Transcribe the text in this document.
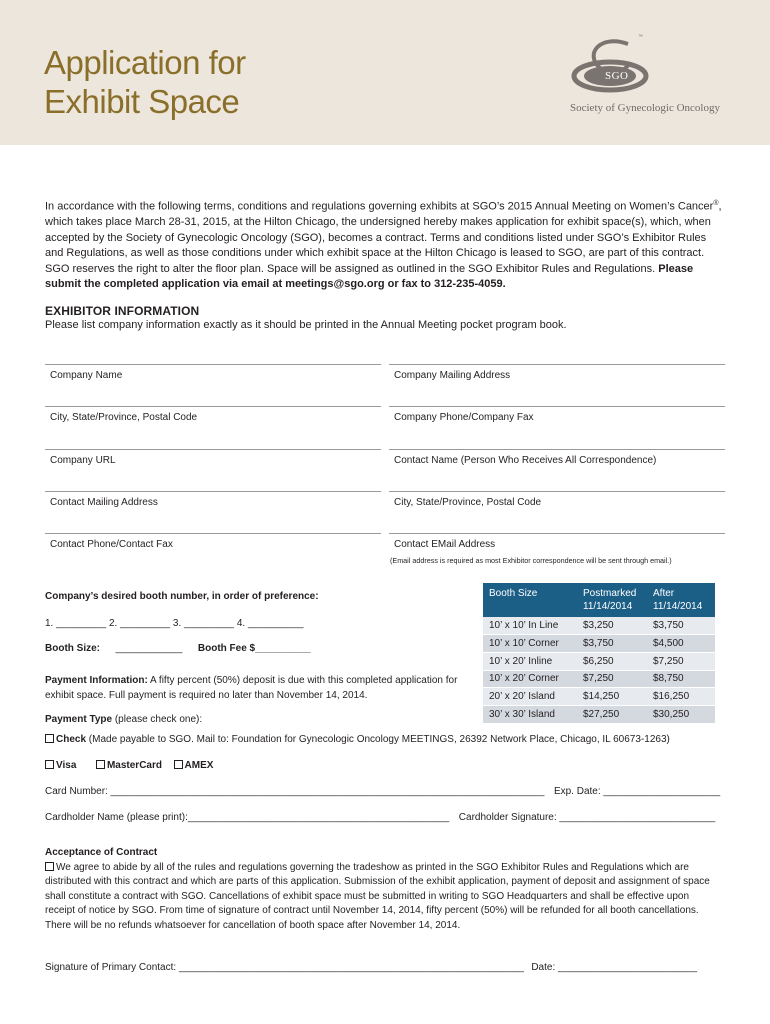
Application for
Exhibit Space
™
SGO
Society of Gynecologic Oncology
In accordance with the following terms, conditions and regulations governing exhibits at SGO’s 2015 Annual Meeting on Women’s Cancer®, which takes place March 28-31, 2015, at the Hilton Chicago, the undersigned hereby makes application for exhibit space(s), which, when accepted by the Society of Gynecologic Oncology (SGO), becomes a contract. Terms and conditions listed under SGO’s Exhibitor Rules and Regulations, as well as those conditions under which exhibit space at the Hilton Chicago is leased to SGO, are part of this contract. SGO reserves the right to alter the floor plan. Space will be assigned as outlined in the SGO Exhibitor Rules and Regulations. Please submit the completed application via email at meetings@sgo.org or fax to 312-235-4059.
EXHIBITOR INFORMATION
Please list company information exactly as it should be printed in the Annual Meeting pocket program book.
Company Name	Company Mailing Address
City, State/Province, Postal Code	Company Phone/Company Fax
Company URL	Contact Name (Person Who Receives All Correspondence)
Contact Mailing Address	City, State/Province, Postal Code
Contact Phone/Contact Fax	Contact EMail Address
(Email address is required as most Exhibitor correspondence will be sent through email.)
Company’s desired booth number, in order of preference:
1. _________ 2. _________ 3. _________ 4. __________
Booth Size: ____________ Booth Fee $__________
Booth Size	Postmarked 11/14/2014	After 11/14/2014
10’ x 10’ In Line	$3,250	$3,750
10’ x 10’ Corner	$3,750	$4,500
10’ x 20’ Inline	$6,250	$7,250
10’ x 20’ Corner	$7,250	$8,750
20’ x 20’ Island	$14,250	$16,250
30’ x 30’ Island	$27,250	$30,250
Payment Information: A fifty percent (50%) deposit is due with this completed application for exhibit space. Full payment is required no later than November 14, 2014.
Payment Type (please check one):
Check (Made payable to SGO. Mail to: Foundation for Gynecologic Oncology MEETINGS, 26392 Network Place, Chicago, IL 60673-1263)
Visa	MasterCard AMEX
Card Number: ______________________________________________________________________________ Exp. Date: _____________________
Cardholder Name (please print):_______________________________________________ Cardholder Signature: ____________________________
Acceptance of Contract
We agree to abide by all of the rules and regulations governing the tradeshow as printed in the SGO Exhibitor Rules and Regulations which are distributed with this contract and which are parts of this application. Submission of the exhibit application, payment of deposit and assignment of space shall constitute a contract with SGO. Cancellations of exhibit space must be submitted in writing to SGO Headquarters and shall be effective upon receipt of notice by SGO. From time of signature of contract until November 14, 2014, fifty percent (50%) will be refunded for all booth cancellations. There will be no refunds whatsoever for cancellation of booth space after November 14, 2014.
Signature of Primary Contact: ______________________________________________________________ Date: _________________________
